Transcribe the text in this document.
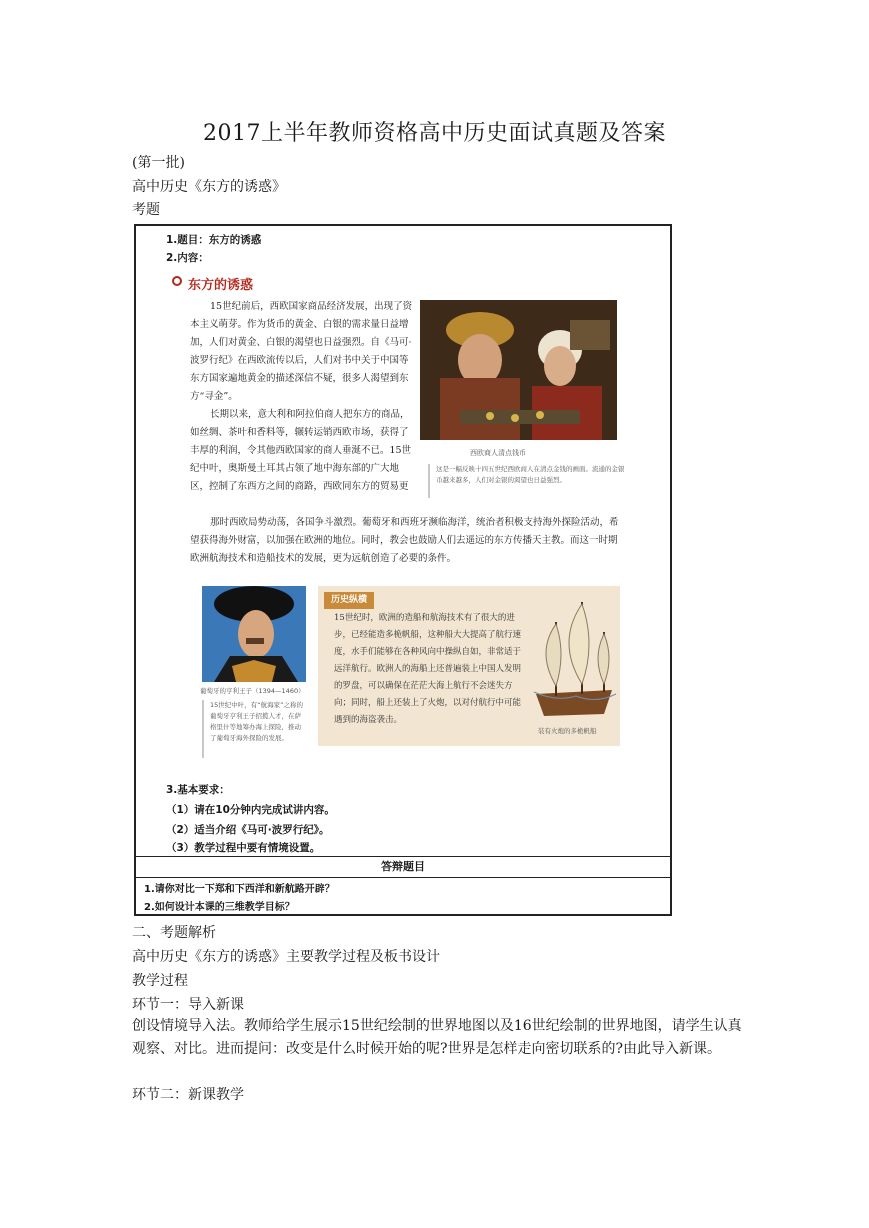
2017上半年教师资格高中历史面试真题及答案
(第一批)
高中历史《东方的诱惑》
考题
1.题目：东方的诱惑
2.内容：
东方的诱惑
15世纪前后，西欧国家商品经济发展，出现了资本主义萌芽。作为货币的黄金、白银的需求量日益增加，人们对黄金、白银的渴望也日益强烈。自《马可·波罗行纪》在西欧流传以后，人们对书中关于中国等东方国家遍地黄金的描述深信不疑，很多人渴望到东方“寻金”。
长期以来，意大利和阿拉伯商人把东方的商品，如丝绸、茶叶和香料等，辗转运销西欧市场，获得了丰厚的利润，令其他西欧国家的商人垂涎不已。15世纪中叶，奥斯曼土耳其占领了地中海东部的广大地区，控制了东西方之间的商路，西欧同东方的贸易更
那时西欧局势动荡，各国争斗激烈。葡萄牙和西班牙濒临海洋，统治者积极支持海外探险活动，希望获得海外财富，以加强在欧洲的地位。同时，教会也鼓励人们去遥远的东方传播天主教。而这一时期欧洲航海技术和造船技术的发展，更为远航创造了必要的条件。
西欧商人清点钱币
这是一幅反映十四五世纪西欧商人在清点金钱的画面。流通的金银币越来越多，人们对金银的渴望也日益强烈。
葡萄牙的亨利王子（1394—1460）
15世纪中叶，有“航海家”之称的葡萄牙亨利王子招揽人才，在萨格里什等地筹办海上探险，推动了葡萄牙海外探险的发展。
历史纵横
15世纪时，欧洲的造船和航海技术有了很大的进步，已经能造多桅帆船，这种船大大提高了航行速度，水手们能够在各种风向中操纵自如，非常适于远洋航行。欧洲人的海船上还普遍装上中国人发明的罗盘，可以确保在茫茫大海上航行不会迷失方向；同时，船上还装上了火炮，以对付航行中可能遇到的海盗袭击。
装有火炮的多桅帆船
3.基本要求：
（1）请在10分钟内完成试讲内容。
（2）适当介绍《马可·波罗行纪》。
（3）教学过程中要有情境设置。
答辩题目
1.请你对比一下郑和下西洋和新航路开辟？
2.如何设计本课的三维教学目标？
二、考题解析
高中历史《东方的诱惑》主要教学过程及板书设计
教学过程
环节一：导入新课
创设情境导入法。教师给学生展示15世纪绘制的世界地图以及16世纪绘制的世界地图，请学生认真观察、对比。进而提问：改变是什么时候开始的呢?世界是怎样走向密切联系的?由此导入新课。
环节二：新课教学
